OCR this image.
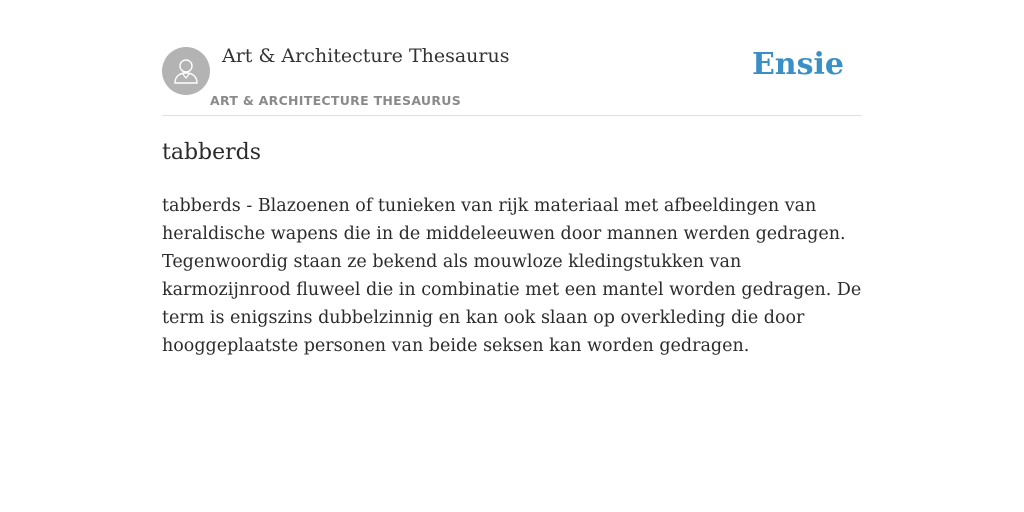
Art & Architecture Thesaurus
ART & ARCHITECTURE THESAURUS
Ensie
tabberds

tabberds - Blazoenen of tunieken van rijk materiaal met afbeeldingen van heraldische wapens die in de middeleeuwen door mannen werden gedragen. Tegenwoordig staan ze bekend als mouwloze kledingstukken van karmozijnrood fluweel die in combinatie met een mantel worden gedragen. De term is enigszins dubbelzinnig en kan ook slaan op overkleding die door hooggeplaatste personen van beide seksen kan worden gedragen.
